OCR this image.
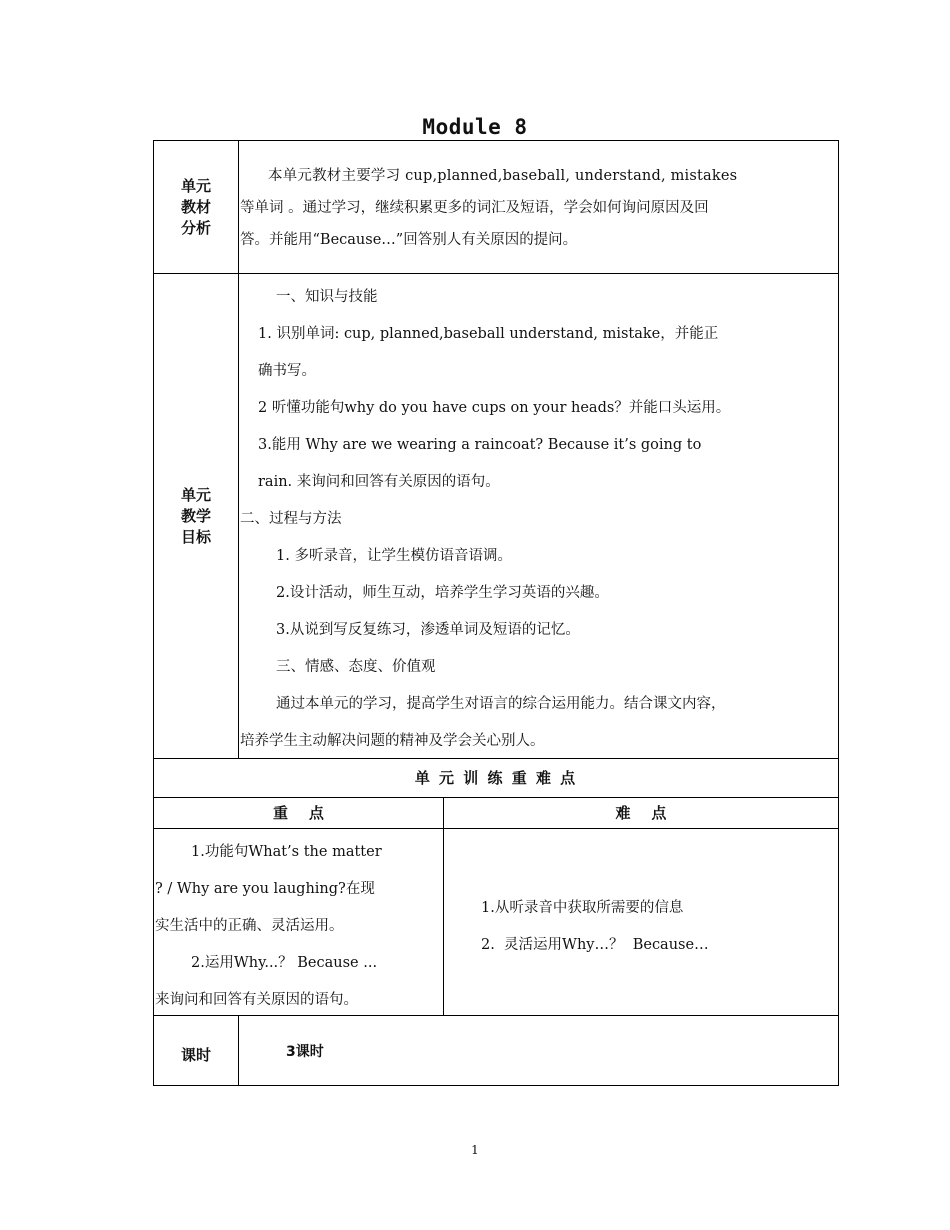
Module 8
单元
教材
分析
本单元教材主要学习 cup,planned,baseball, understand, mistakes
等单词 。通过学习，继续积累更多的词汇及短语，学会如何询问原因及回
答。并能用“Because…”回答别人有关原因的提问。
单元
教学
目标
一、知识与技能
1. 识别单词: cup, planned,baseball understand, mistake，并能正
确书写。
2 听懂功能句why do you have cups on your heads？并能口头运用。
3.能用 Why are we wearing a raincoat? Because it’s going to
rain. 来询问和回答有关原因的语句。
二、过程与方法
1. 多听录音，让学生模仿语音语调。
2.设计活动，师生互动，培养学生学习英语的兴趣。
3.从说到写反复练习，渗透单词及短语的记忆。
三、情感、态度、价值观
通过本单元的学习，提高学生对语言的综合运用能力。结合课文内容，
培养学生主动解决问题的精神及学会关心别人。
单 元 训 练 重 难 点
重    点	难    点
1.功能句What’s the matter
? / Why are you laughing?在现
实生活中的正确、灵活运用。
2.运用Why...？ Because ...
来询问和回答有关原因的语句。
1.从听录音中获取所需要的信息
2.  灵活运用Why…？  Because…
课时	3课时
1
